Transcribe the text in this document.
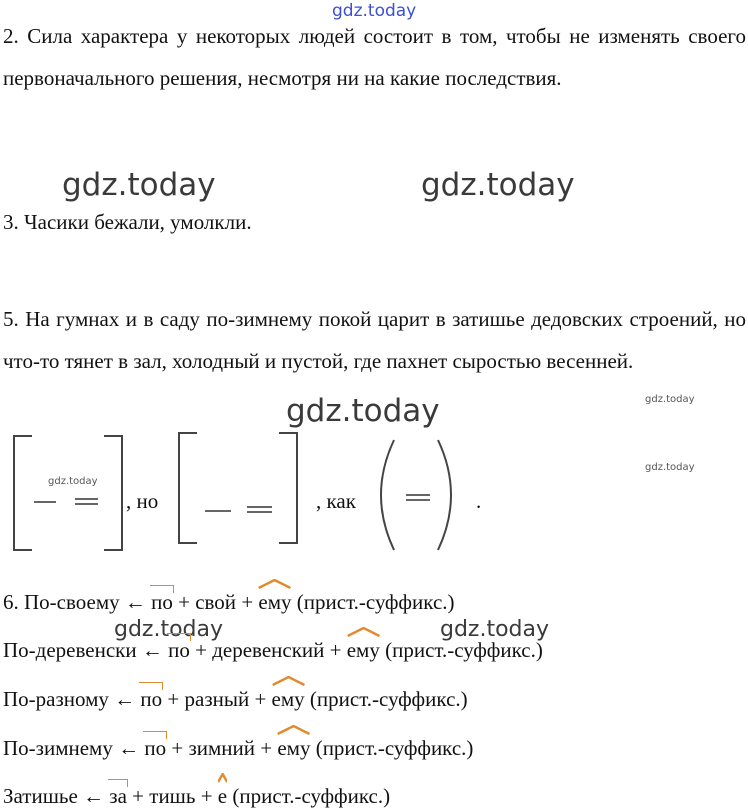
gdz.today
gdz.today	gdz.today
gdz.today	gdz.today
gdz.today
gdz.today
gdz.today	gdz.today
2. Сила характера у некоторых людей состоит в том, чтобы не изменять своего первоначального решения, несмотря ни на какие последствия.
3. Часики бежали, умолкли.
5. На гумнах и в саду по-зимнему покой царит в затишье дедовских строений, но что-то тянет в зал, холодный и пустой, где пахнет сыростью весенней.
, но	, как	.
6. По-своему ← по + свой + ему (прист.-суффикс.)
По-деревенски ← по + деревенский + ему (прист.-суффикс.)
По-разному ← по + разный + ему (прист.-суффикс.)
По-зимнему ← по + зимний + ему (прист.-суффикс.)
Затишье ← за + тишь + е (прист.-суффикс.)
